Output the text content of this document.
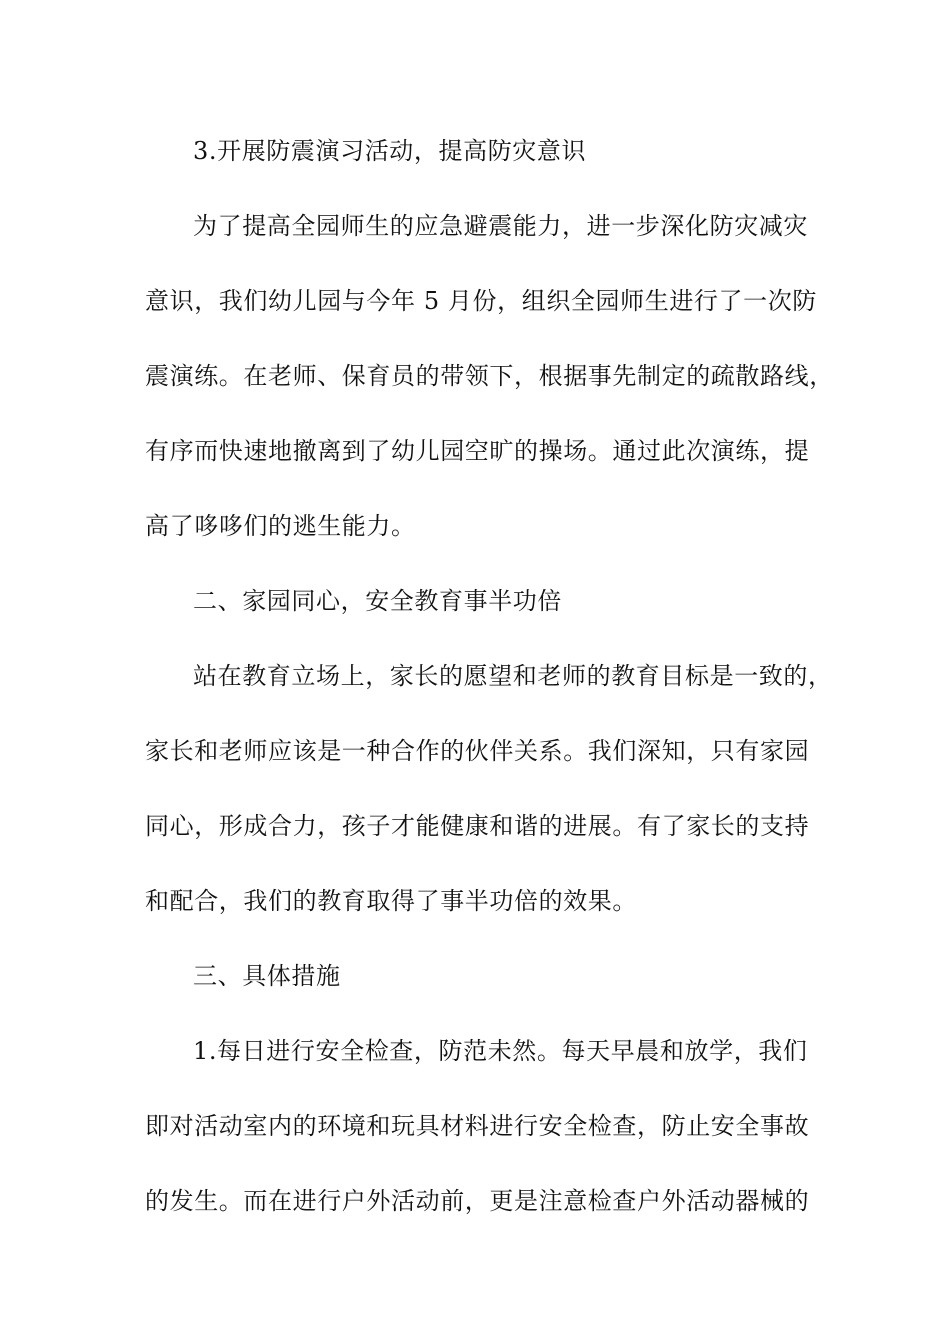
3.开展防震演习活动，提高防灾意识
为了提高全园师生的应急避震能力，进一步深化防灾减灾
意识，我们幼儿园与今年 5 月份，组织全园师生进行了一次防
震演练。在老师、保育员的带领下，根据事先制定的疏散路线，
有序而快速地撤离到了幼儿园空旷的操场。通过此次演练，提
高了哆哆们的逃生能力。
二、家园同心，安全教育事半功倍
站在教育立场上，家长的愿望和老师的教育目标是一致的，
家长和老师应该是一种合作的伙伴关系。我们深知，只有家园
同心，形成合力，孩子才能健康和谐的进展。有了家长的支持
和配合，我们的教育取得了事半功倍的效果。
三、具体措施
1.每日进行安全检查，防范未然。每天早晨和放学，我们
即对活动室内的环境和玩具材料进行安全检查，防止安全事故
的发生。而在进行户外活动前，更是注意检查户外活动器械的
